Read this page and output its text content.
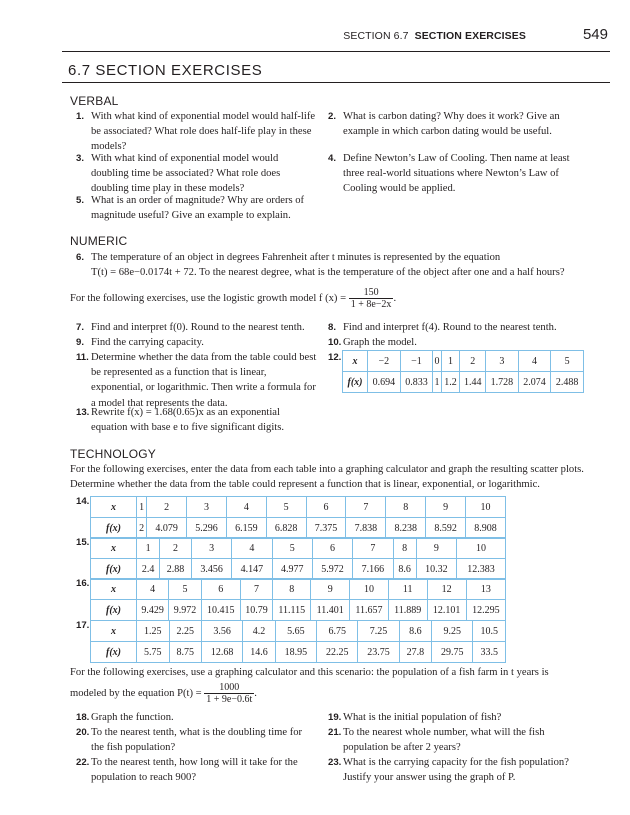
SECTION 6.7 SECTION EXERCISES	549
6.7 SECTION EXERCISES
VERBAL
1. With what kind of exponential model would half-life be associated? What role does half-life play in these models?
2. What is carbon dating? Why does it work? Give an example in which carbon dating would be useful.
3. With what kind of exponential model would doubling time be associated? What role does doubling time play in these models?
4. Define Newton’s Law of Cooling. Then name at least three real-world situations where Newton’s Law of Cooling would be applied.
5. What is an order of magnitude? Why are orders of magnitude useful? Give an example to explain.
NUMERIC
6. The temperature of an object in degrees Fahrenheit after t minutes is represented by the equation
T(t) = 68e−0.0174t + 72. To the nearest degree, what is the temperature of the object after one and a half hours?
For the following exercises, use the logistic growth model f $(x) = \frac{150}{1 + 8e-2x}$ .
7. Find and interpret f(0). Round to the nearest tenth.	8. Find and interpret f(4). Round to the nearest tenth.
9. Find the carrying capacity.	10. Graph the model.
11. Determine whether the data from the table could best be represented as a function that is linear, exponential, or logarithmic. Then write a formula for a model that represents the data.
12. x	−2	−1	0	1	2	3	4	5
f(x)	0.694	0.833	1	1.2	1.44	1.728	2.074	2.488
13. Rewrite f(x) = 1.68(0.65)x as an exponential equation with base e to five significant digits.
TECHNOLOGY
For the following exercises, enter the data from each table into a graphing calculator and graph the resulting scatter plots. Determine whether the data from the table could represent a function that is linear, exponential, or logarithmic.
14. x	1	2	3	4	5	6	7	8	9	10
f(x)	2	4.079	5.296	6.159	6.828	7.375	7.838	8.238	8.592	8.908
15. x	1	2	3	4	5	6	7	8	9	10
f(x)	2.4	2.88	3.456	4.147	4.977	5.972	7.166	8.6	10.32	12.383
16. x	4	5	6	7	8	9	10	11	12	13
f(x)	9.429	9.972	10.415	10.79	11.115	11.401	11.657	11.889	12.101	12.295
17. x	1.25	2.25	3.56	4.2	5.65	6.75	7.25	8.6	9.25	10.5
f(x)	5.75	8.75	12.68	14.6	18.95	22.25	23.75	27.8	29.75	33.5
For the following exercises, use a graphing calculator and this scenario: the population of a fish farm in t years is
modeled by the equation $P(t) = \frac{1000}{1 + 9e-0.6t}$ .
18. Graph the function.	19. What is the initial population of fish?
20. To the nearest tenth, what is the doubling time for the fish population?
21. To the nearest whole number, what will the fish population be after 2 years?
22. To the nearest tenth, how long will it take for the population to reach 900?
23. What is the carrying capacity for the fish population? Justify your answer using the graph of P.
